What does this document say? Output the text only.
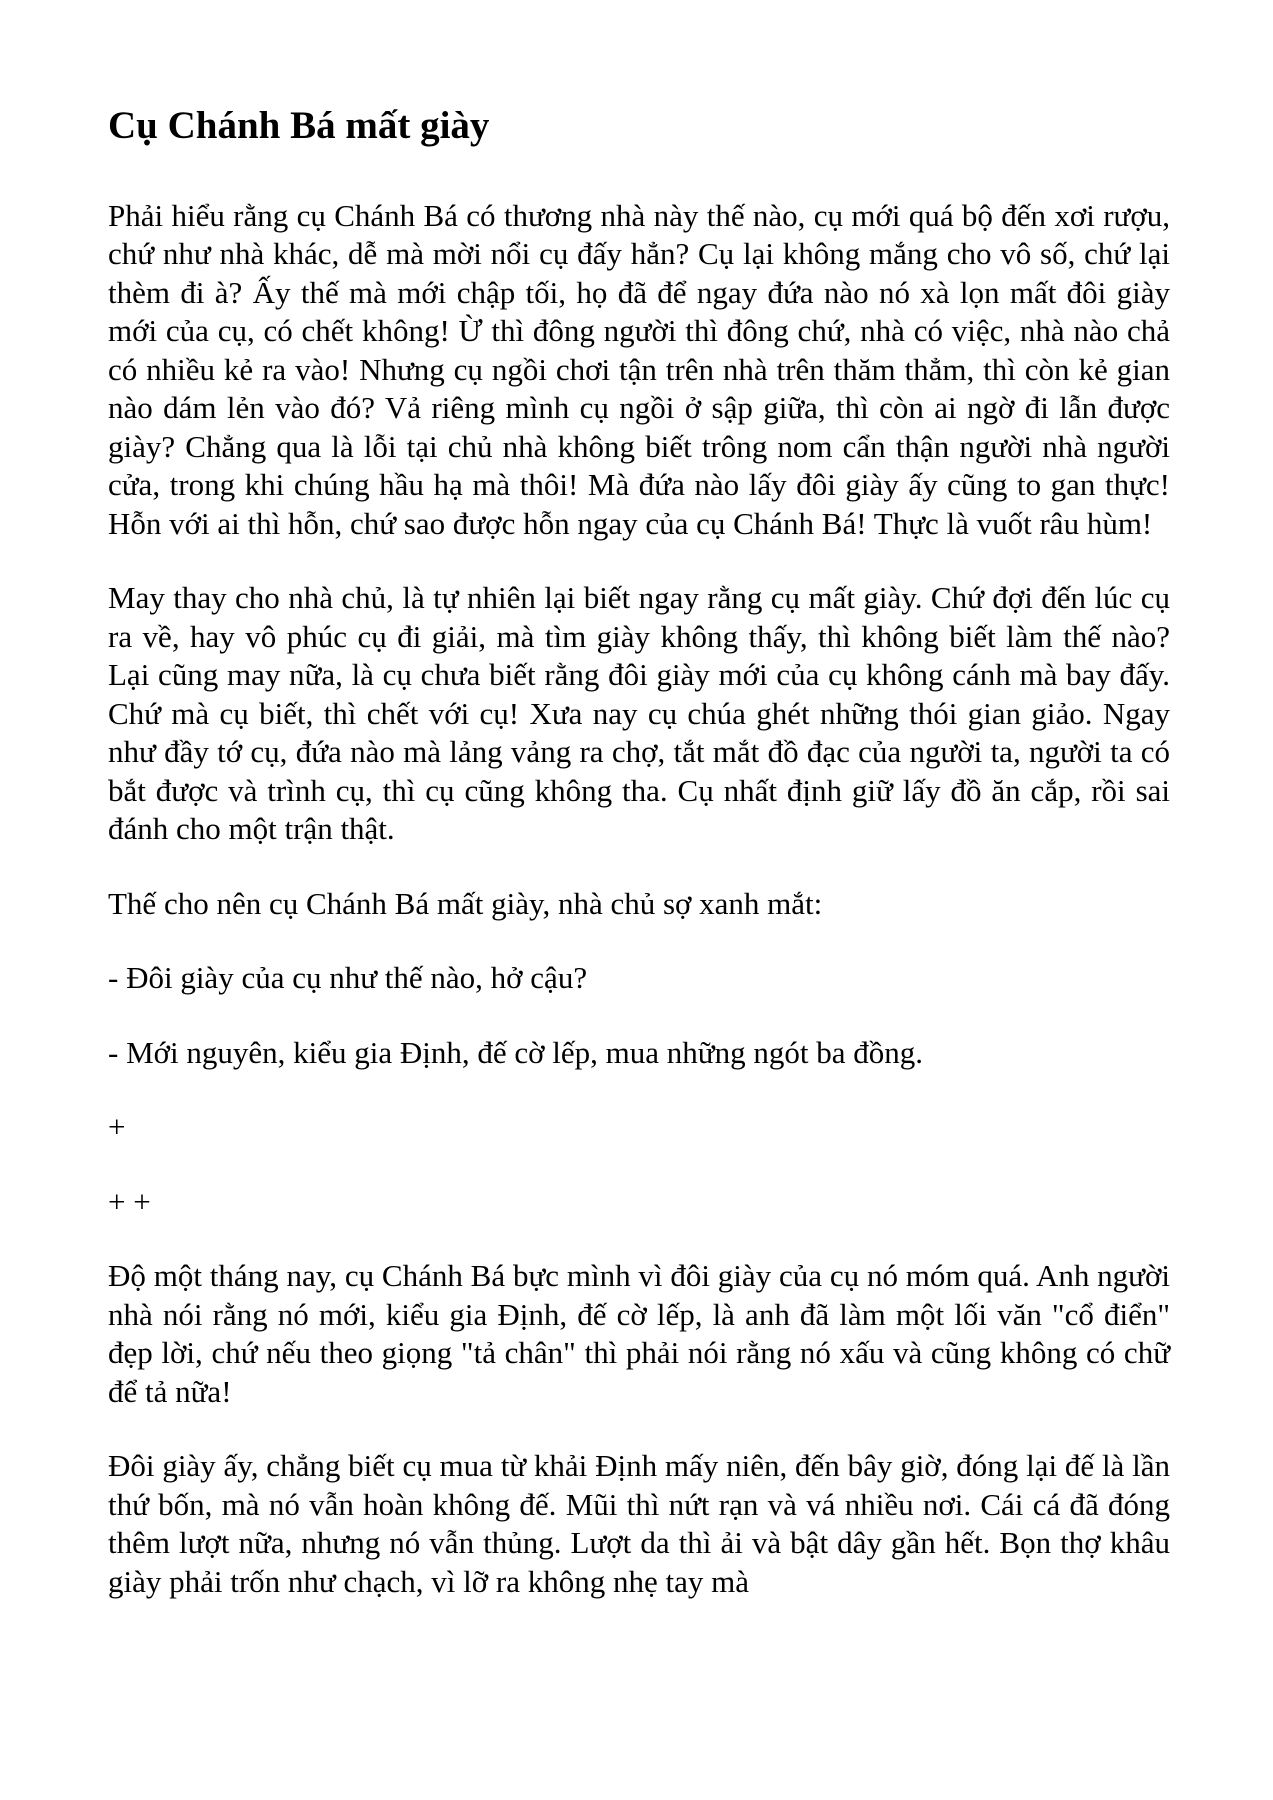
Cụ Chánh Bá mất giày

Phải hiểu rằng cụ Chánh Bá có thương nhà này thế nào, cụ mới quá bộ đến xơi rượu, chứ như nhà khác, dễ mà mời nổi cụ đấy hẳn? Cụ lại không mắng cho vô số, chứ lại thèm đi à? Ấy thế mà mới chập tối, họ đã để ngay đứa nào nó xà lọn mất đôi giày mới của cụ, có chết không! Ừ thì đông người thì đông chứ, nhà có việc, nhà nào chả có nhiều kẻ ra vào! Nhưng cụ ngồi chơi tận trên nhà trên thăm thẳm, thì còn kẻ gian nào dám lẻn vào đó? Vả riêng mình cụ ngồi ở sập giữa, thì còn ai ngờ đi lẫn được giày? Chẳng qua là lỗi tại chủ nhà không biết trông nom cẩn thận người nhà người cửa, trong khi chúng hầu hạ mà thôi! Mà đứa nào lấy đôi giày ấy cũng to gan thực! Hỗn với ai thì hỗn, chứ sao được hỗn ngay của cụ Chánh Bá! Thực là vuốt râu hùm!

May thay cho nhà chủ, là tự nhiên lại biết ngay rằng cụ mất giày. Chứ đợi đến lúc cụ ra về, hay vô phúc cụ đi giải, mà tìm giày không thấy, thì không biết làm thế nào? Lại cũng may nữa, là cụ chưa biết rằng đôi giày mới của cụ không cánh mà bay đấy. Chứ mà cụ biết, thì chết với cụ! Xưa nay cụ chúa ghét những thói gian giảo. Ngay như đầy tớ cụ, đứa nào mà lảng vảng ra chợ, tắt mắt đồ đạc của người ta, người ta có bắt được và trình cụ, thì cụ cũng không tha. Cụ nhất định giữ lấy đồ ăn cắp, rồi sai đánh cho một trận thật.

Thế cho nên cụ Chánh Bá mất giày, nhà chủ sợ xanh mắt:

- Đôi giày của cụ như thế nào, hở cậu?

- Mới nguyên, kiểu gia Định, đế cờ lếp, mua những ngót ba đồng.

+

+ +

Độ một tháng nay, cụ Chánh Bá bực mình vì đôi giày của cụ nó móm quá. Anh người nhà nói rằng nó mới, kiểu gia Định, đế cờ lếp, là anh đã làm một lối văn "cổ điển" đẹp lời, chứ nếu theo giọng "tả chân" thì phải nói rằng nó xấu và cũng không có chữ để tả nữa!

Đôi giày ấy, chẳng biết cụ mua từ khải Định mấy niên, đến bây giờ, đóng lại đế là lần thứ bốn, mà nó vẫn hoàn không đế. Mũi thì nứt rạn và vá nhiều nơi. Cái cá đã đóng thêm lượt nữa, nhưng nó vẫn thủng. Lượt da thì ải và bật dây gần hết. Bọn thợ khâu giày phải trốn như chạch, vì lỡ ra không nhẹ tay mà
